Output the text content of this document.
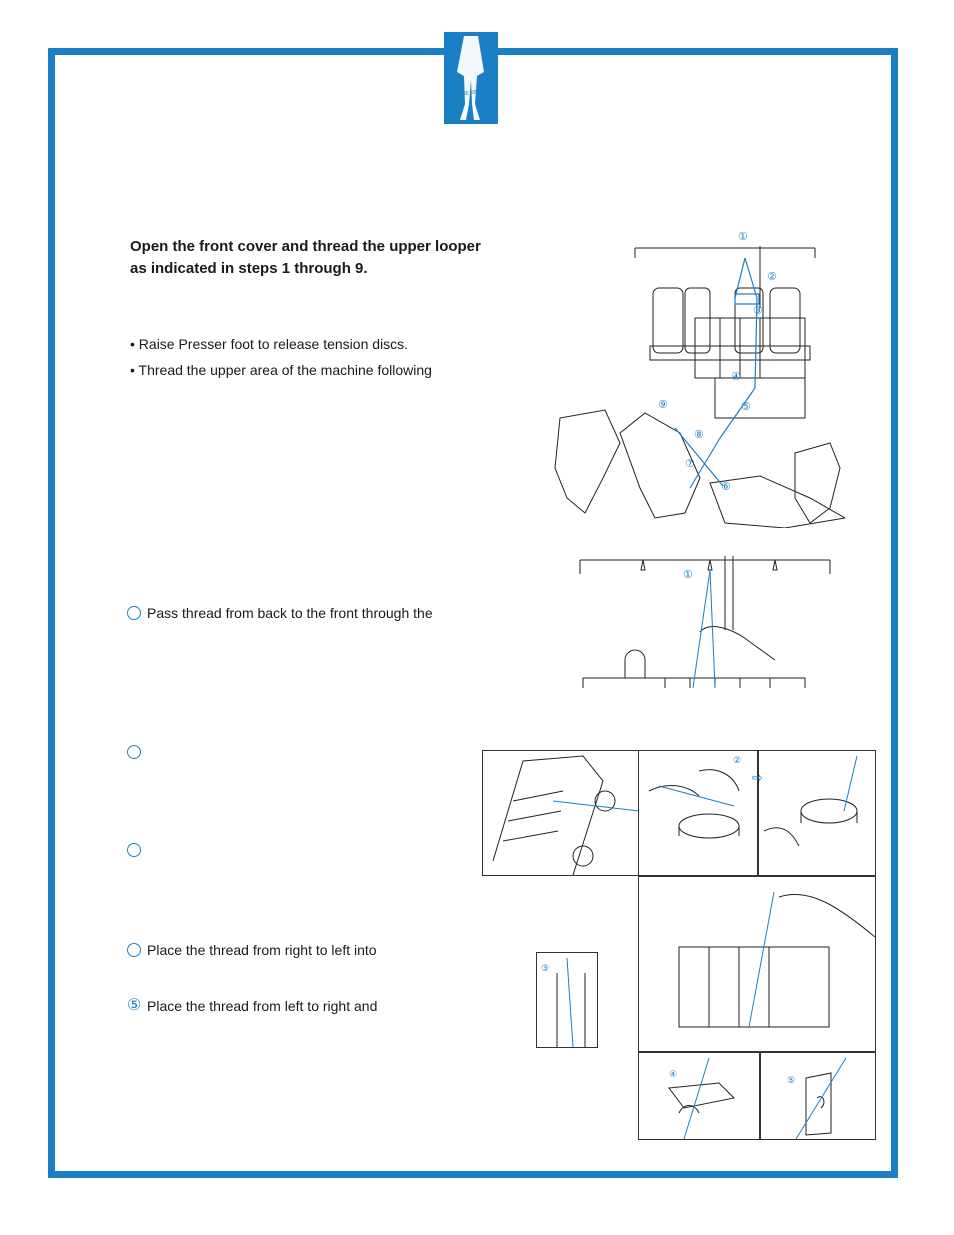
A-LINE SERIES
Open the front cover and thread the upper looper as indicated in steps 1 through 9.
• Raise Presser foot to release tension discs.
• Thread the upper area of the machine following
Pass thread from back to the front through the
Place the thread from right to left into
⑤ Place the thread from left to right and
①
②
③
④
⑤
⑥
⑦
⑧
⑨
①
②
⇨
③
④
⑤
